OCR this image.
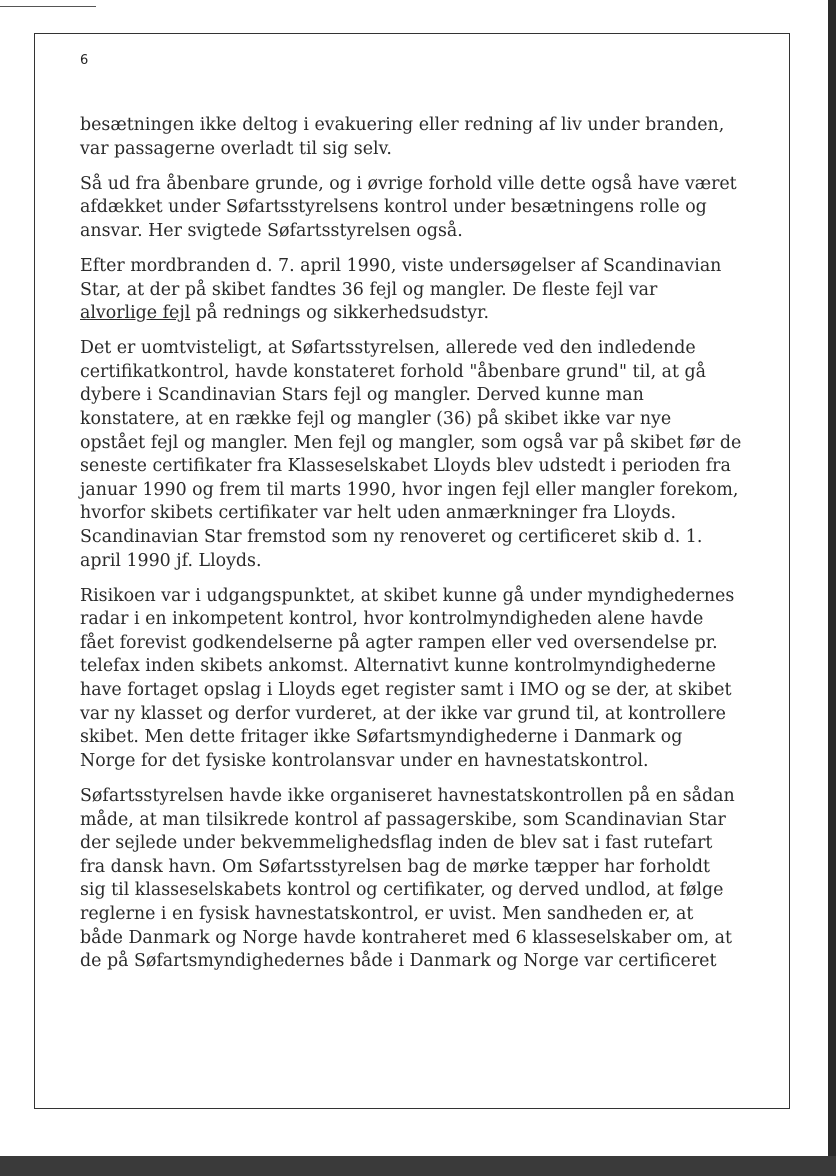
6

besætningen ikke deltog i evakuering eller redning af liv under branden,
var passagerne overladt til sig selv.

Så ud fra åbenbare grunde, og i øvrige forhold ville dette også have været
afdækket under Søfartsstyrelsens kontrol under besætningens rolle og
ansvar. Her svigtede Søfartsstyrelsen også.

Efter mordbranden d. 7. april 1990, viste undersøgelser af Scandinavian
Star, at der på skibet fandtes 36 fejl og mangler. De fleste fejl var
alvorlige fejl på rednings og sikkerhedsudstyr.

Det er uomtvisteligt, at Søfartsstyrelsen, allerede ved den indledende
certifikatkontrol, havde konstateret forhold "åbenbare grund" til, at gå
dybere i Scandinavian Stars fejl og mangler. Derved kunne man
konstatere, at en række fejl og mangler (36) på skibet ikke var nye
opstået fejl og mangler. Men fejl og mangler, som også var på skibet før de
seneste certifikater fra Klasseselskabet Lloyds blev udstedt i perioden fra
januar 1990 og frem til marts 1990, hvor ingen fejl eller mangler forekom,
hvorfor skibets certifikater var helt uden anmærkninger fra Lloyds.
Scandinavian Star fremstod som ny renoveret og certificeret skib d. 1.
april 1990 jf. Lloyds.

Risikoen var i udgangspunktet, at skibet kunne gå under myndighedernes
radar i en inkompetent kontrol, hvor kontrolmyndigheden alene havde
fået forevist godkendelserne på agter rampen eller ved oversendelse pr.
telefax inden skibets ankomst. Alternativt kunne kontrolmyndighederne
have fortaget opslag i Lloyds eget register samt i IMO og se der, at skibet
var ny klasset og derfor vurderet, at der ikke var grund til, at kontrollere
skibet. Men dette fritager ikke Søfartsmyndighederne i Danmark og
Norge for det fysiske kontrolansvar under en havnestatskontrol.

Søfartsstyrelsen havde ikke organiseret havnestatskontrollen på en sådan
måde, at man tilsikrede kontrol af passagerskibe, som Scandinavian Star
der sejlede under bekvemmelighedsflag inden de blev sat i fast rutefart
fra dansk havn. Om Søfartsstyrelsen bag de mørke tæpper har forholdt
sig til klasseselskabets kontrol og certifikater, og derved undlod, at følge
reglerne i en fysisk havnestatskontrol, er uvist. Men sandheden er, at
både Danmark og Norge havde kontraheret med 6 klasseselskaber om, at
de på Søfartsmyndighedernes både i Danmark og Norge var certificeret
